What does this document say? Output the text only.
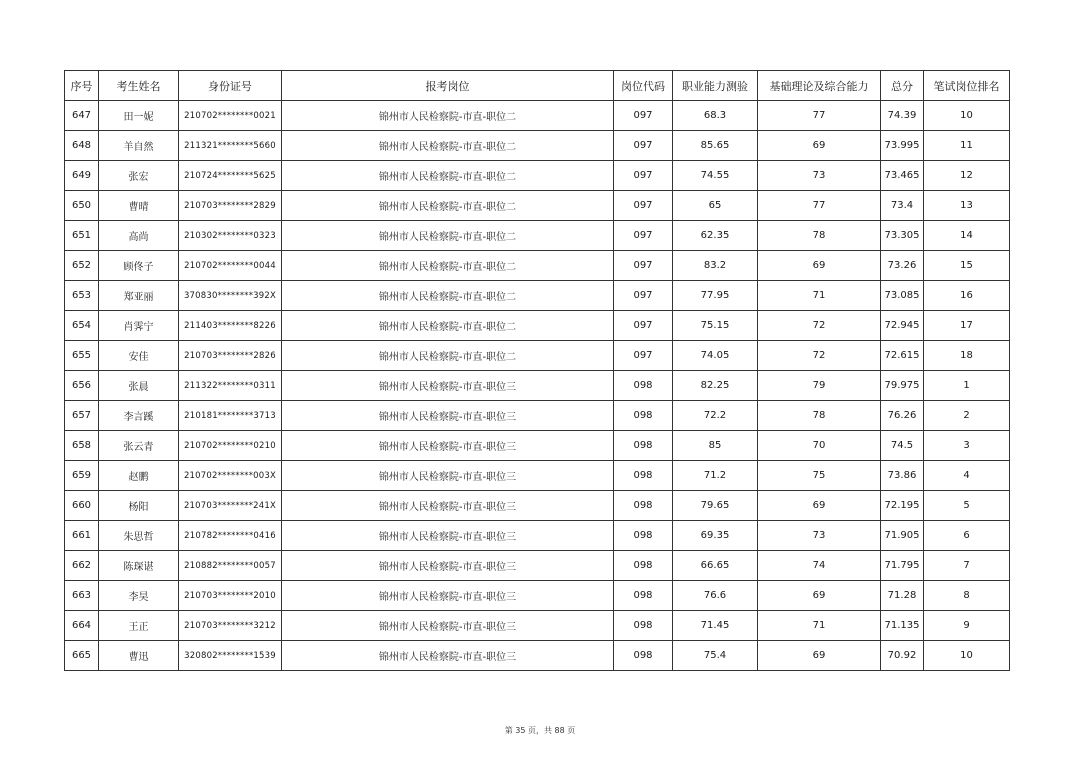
序号	考生姓名	身份证号	报考岗位	岗位代码	职业能力测验	基础理论及综合能力	总分	笔试岗位排名
647	田一妮	210702********0021	锦州市人民检察院-市直-职位二	097	68.3	77	74.39	10
648	羊自然	211321********5660	锦州市人民检察院-市直-职位二	097	85.65	69	73.995	11
649	张宏	210724********5625	锦州市人民检察院-市直-职位二	097	74.55	73	73.465	12
650	曹晴	210703********2829	锦州市人民检察院-市直-职位二	097	65	77	73.4	13
651	高尚	210302********0323	锦州市人民检察院-市直-职位二	097	62.35	78	73.305	14
652	顾佟子	210702********0044	锦州市人民检察院-市直-职位二	097	83.2	69	73.26	15
653	郑亚丽	370830********392X	锦州市人民检察院-市直-职位二	097	77.95	71	73.085	16
654	肖霁宁	211403********8226	锦州市人民检察院-市直-职位二	097	75.15	72	72.945	17
655	安佳	210703********2826	锦州市人民检察院-市直-职位二	097	74.05	72	72.615	18
656	张晨	211322********0311	锦州市人民检察院-市直-职位三	098	82.25	79	79.975	1
657	李言蹊	210181********3713	锦州市人民检察院-市直-职位三	098	72.2	78	76.26	2
658	张云青	210702********0210	锦州市人民检察院-市直-职位三	098	85	70	74.5	3
659	赵鹏	210702********003X	锦州市人民检察院-市直-职位三	098	71.2	75	73.86	4
660	杨阳	210703********241X	锦州市人民检察院-市直-职位三	098	79.65	69	72.195	5
661	朱思哲	210782********0416	锦州市人民检察院-市直-职位三	098	69.35	73	71.905	6
662	陈琛谌	210882********0057	锦州市人民检察院-市直-职位三	098	66.65	74	71.795	7
663	李昊	210703********2010	锦州市人民检察院-市直-职位三	098	76.6	69	71.28	8
664	王正	210703********3212	锦州市人民检察院-市直-职位三	098	71.45	71	71.135	9
665	曹迅	320802********1539	锦州市人民检察院-市直-职位三	098	75.4	69	70.92	10
第 35 页，共 88 页
